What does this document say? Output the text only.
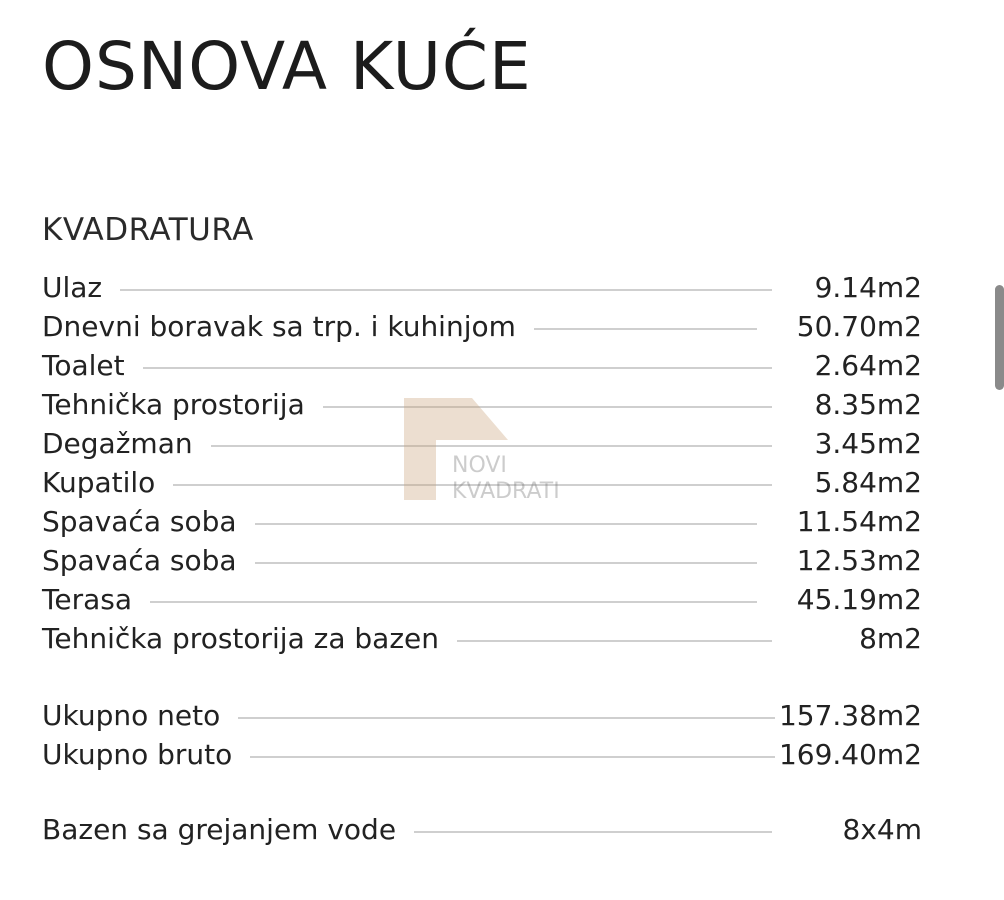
OSNOVA KUĆE
KVADRATURA
Ulaz	9.14m2
Dnevni boravak sa trp. i kuhinjom	50.70m2
Toalet	2.64m2
Tehnička prostorija	8.35m2
Degažman	3.45m2
Kupatilo	5.84m2
Spavaća soba	11.54m2
Spavaća soba	12.53m2
Terasa	45.19m2
Tehnička prostorija za bazen	8m2
Ukupno neto	157.38m2
Ukupno bruto	169.40m2
Bazen sa grejanjem vode	8x4m
NOVI
KVADRATI
